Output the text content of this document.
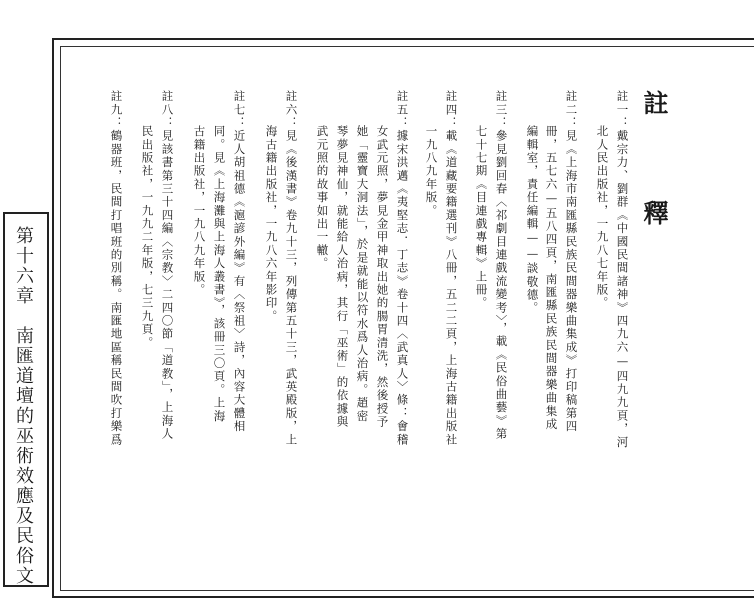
註　釋
註一：戴宗力、劉群《中國民間諸神》四九六—四九九頁，河
北人民出版社，一九八七年版。
註二：見《上海市南匯縣民族民間器樂曲集成》打印稿第四
冊，五七六—五八四頁，南匯縣民族民間器樂曲集成
編輯室，責任編輯——談敬德。
註三：參見劉回春〈祁劇目連戲流變考〉，載《民俗曲藝》第
七十七期《目連戲專輯》上冊。
註四：載《道藏要籍選刊》八冊，五二二頁，上海古籍出版社
一九八九年版。
註五：據宋洪邁《夷堅志．丁志》卷十四〈武真人〉條：會稽
女武元照，夢見金甲神取出她的腸胃清洗，然後授予
她「靈寶大洞法」，於是就能以符水爲人治病。趙密
琴夢見神仙，就能給人治病，其行「巫術」的依據與
武元照的故事如出一轍。
註六：見《後漢書》卷九十三，列傳第五十三，武英殿版，上
海古籍出版社，一九八六年影印。
註七：近人胡祖德《滬諺外編》有〈祭祖〉詩，內容大體相
同。見《上海灘與上海人叢書》，該冊三〇頁。上海
古籍出版社，一九八九年版。
註八：見該書第三十四編〈宗教〉二四〇節「道教」，上海人
民出版社，一九九二年版，七三九頁。
註九：鶴器班，民間打唱班的別稱。南匯地區稱民間吹打樂爲
第十六章　南匯道壇的巫術效應及民俗文
